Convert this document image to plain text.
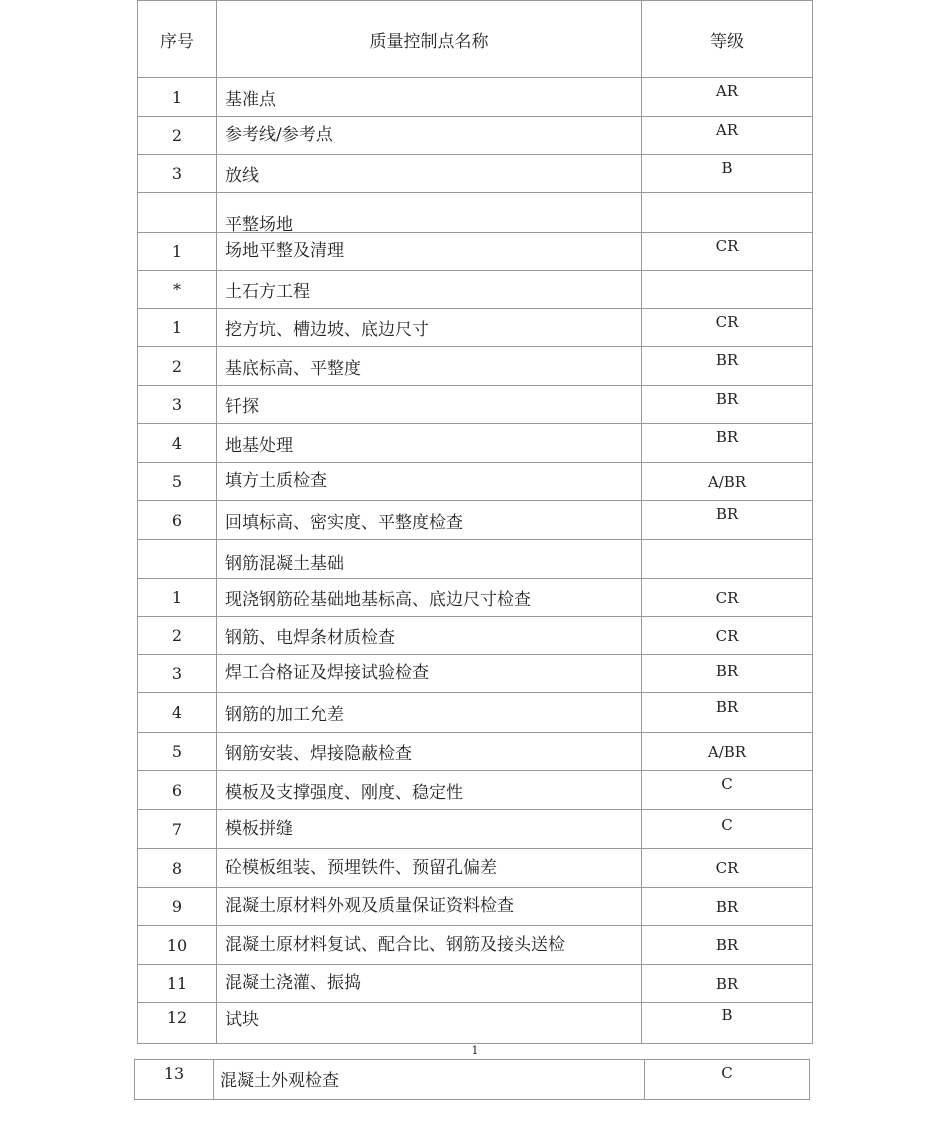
序号	质量控制点名称	等级
1	基准点	AR
2	参考线/参考点	AR
3	放线	B
	平整场地	
1	场地平整及清理	CR
*	土石方工程	
1	挖方坑、槽边坡、底边尺寸	CR
2	基底标高、平整度	BR
3	钎探	BR
4	地基处理	BR
5	填方土质检查	A/BR
6	回填标高、密实度、平整度检查	BR
	钢筋混凝土基础	
1	现浇钢筋砼基础地基标高、底边尺寸检查	CR
2	钢筋、电焊条材质检查	CR
3	焊工合格证及焊接试验检查	BR
4	钢筋的加工允差	BR
5	钢筋安装、焊接隐蔽检查	A/BR
6	模板及支撑强度、刚度、稳定性	C
7	模板拼缝	C
8	砼模板组装、预埋铁件、预留孔偏差	CR
9	混凝土原材料外观及质量保证资料检查	BR
10	混凝土原材料复试、配合比、钢筋及接头送检	BR
11	混凝土浇灌、振捣	BR
12	试块	B
1
13	混凝土外观检查	C
